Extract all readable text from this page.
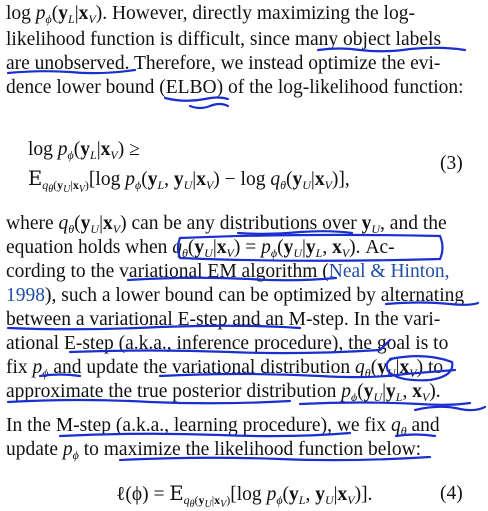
$\log p_\phi(y_L|x_V)$. However, directly maximizing the log-
likelihood function is difficult, since many object labels
are unobserved. Therefore, we instead optimize the evi-
dence lower bound (ELBO) of the log-likelihood function:
$\log p_\phi(y_L|x_V)$ ≥
$E_{q_\theta(y_U|x_V)}[\log$ $p_\phi(y_L$, $y_U|x_V) - \log q_\theta(y_U|x_V)$],
(3)
where $q_\theta(y_U|x_V)$ can be any distributions over $y_U$, and the
equation holds when $q_\theta(y_U|x_V) = p_\phi(y_U|y_L$, $x_V$). Ac-
cording to the variational EM algorithm (Neal & Hinton,
1998), such a lower bound can be optimized by alternating
between a variational E-step and an M-step. In the vari-
ational E-step (a.k.a., inference procedure), the goal is to
fix $p_\phi$ and update the variational distribution $q_\theta(y_U|x_V)$ to
approximate the true posterior distribution $p_\phi(y_U|y_L$, $x_V$).
In the M-step (a.k.a., learning procedure), we fix $q_\theta$ and
update $p_\phi$ to maximize the likelihood function below:
ℓ(ϕ) = $E_{q_\theta(y_U|x_V)}[\log$ $p_\phi(y_L$, $y_U|x_V$)].	(4)
